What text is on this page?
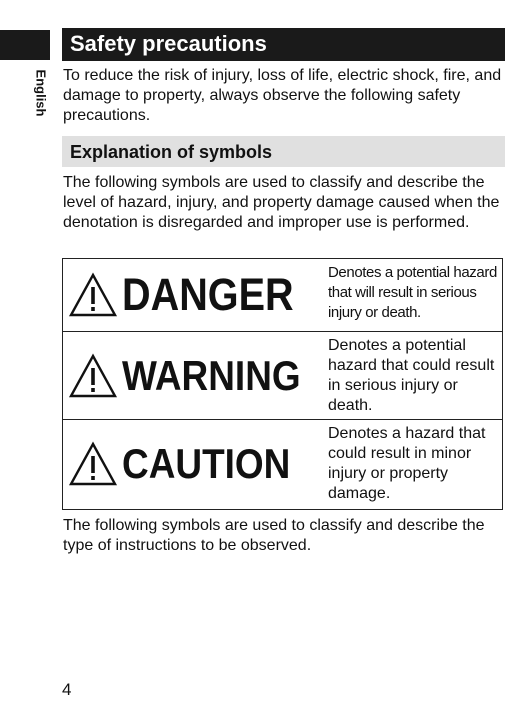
English
Safety precautions

To reduce the risk of injury, loss of life, electric shock, fire, and damage to property, always observe the following safety precautions.

Explanation of symbols

The following symbols are used to classify and describe the level of hazard, injury, and property damage caused when the denotation is disregarded and improper use is performed.

DANGER Denotes a potential hazard that will result in serious injury or death.

WARNING

Denotes a potential hazard that could result in serious injury or death.

CAUTION

Denotes a hazard that could result in minor injury or property damage.

The following symbols are used to classify and describe the type of instructions to be observed.

4
